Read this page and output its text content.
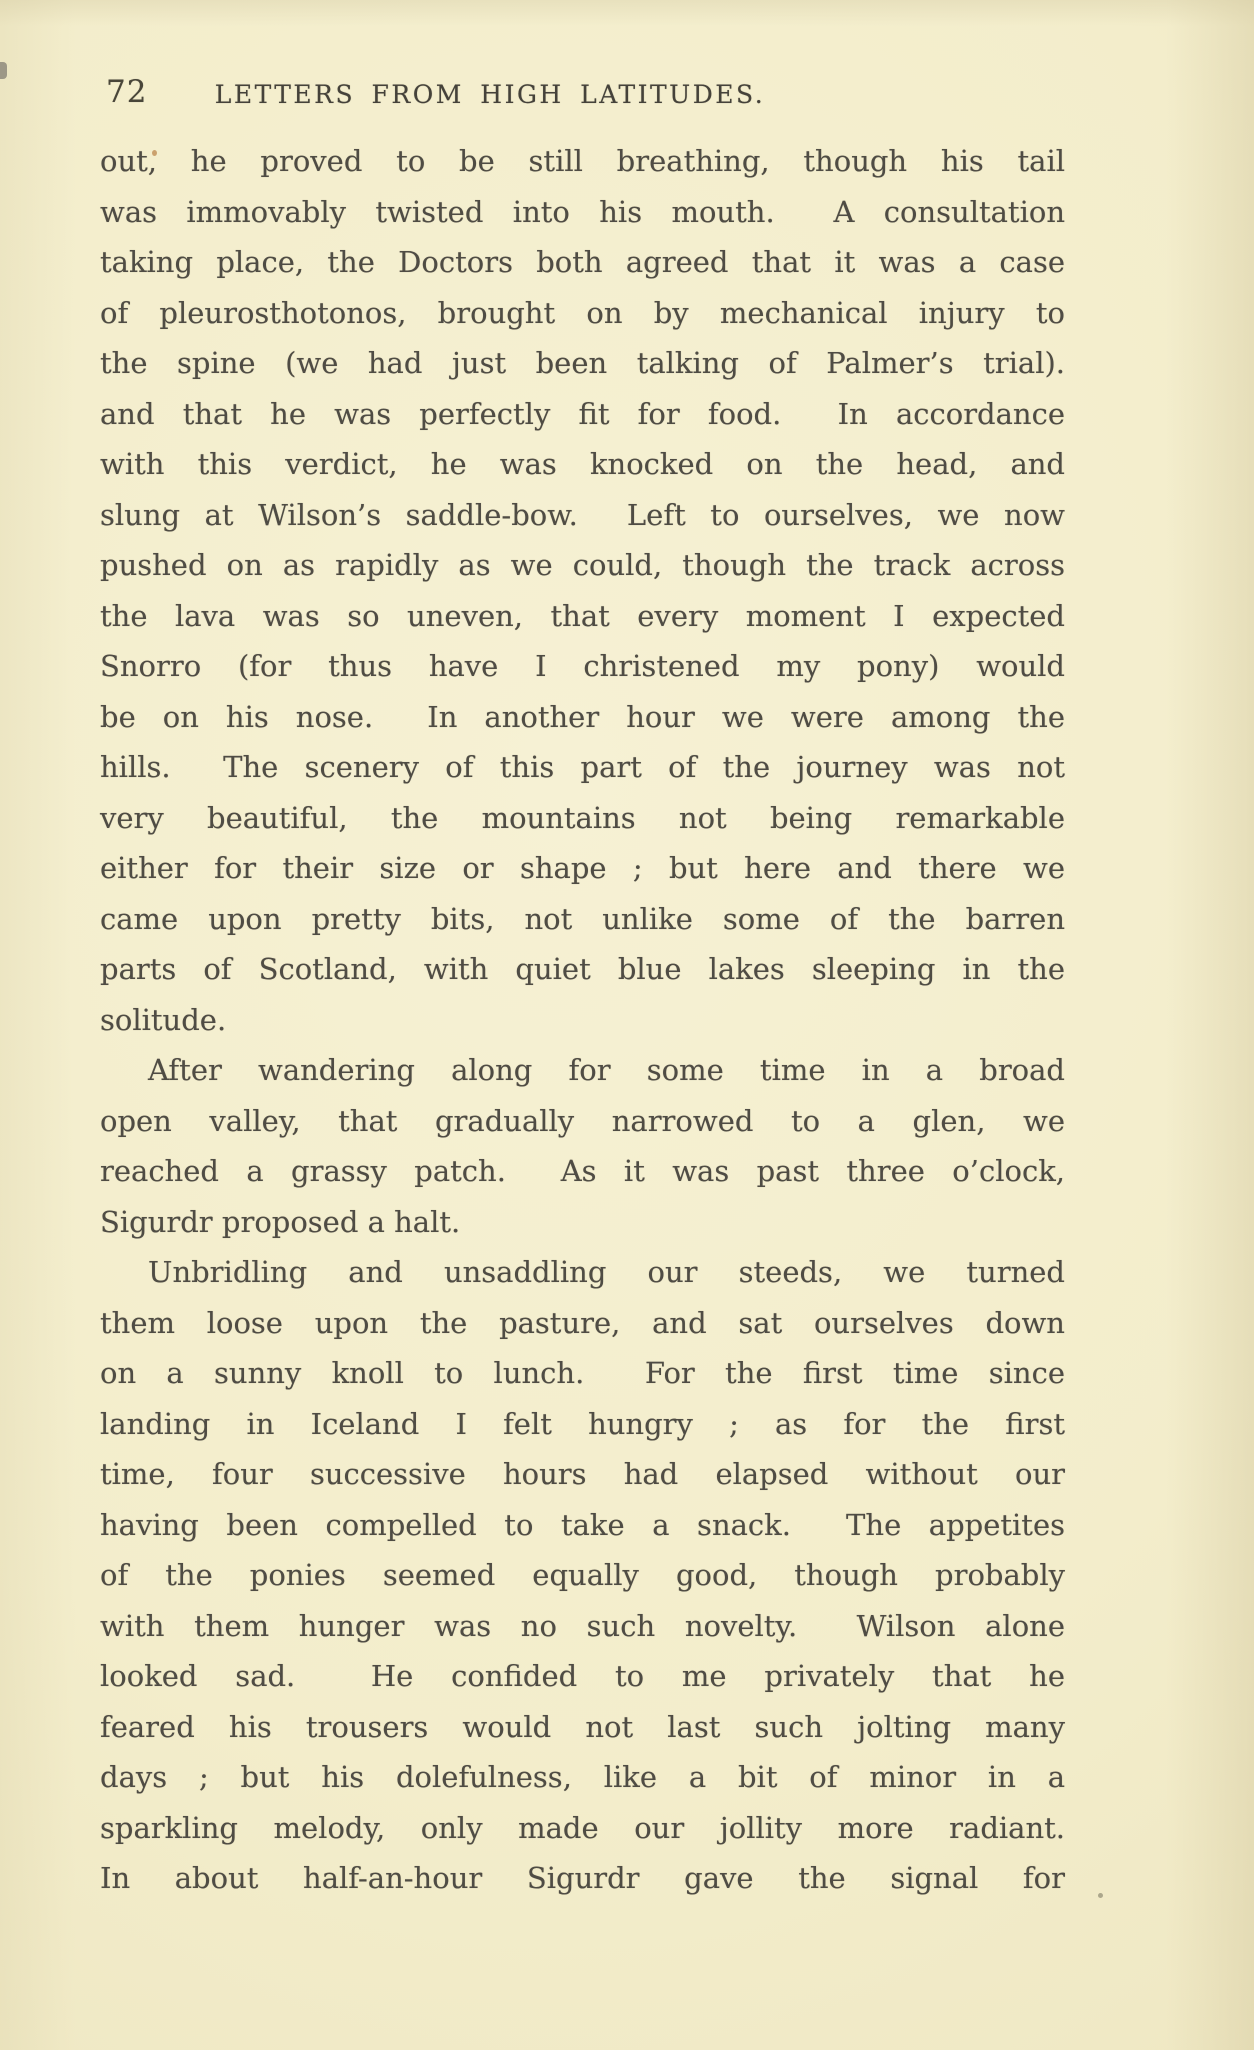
72	LETTERS FROM HIGH LATITUDES.
out, he proved to be still breathing, though his tail
was immovably twisted into his mouth.  A consultation
taking place, the Doctors both agreed that it was a case
of pleurosthotonos, brought on by mechanical injury to
the spine (we had just been talking of Palmer’s trial).
and that he was perfectly fit for food.  In accordance
with this verdict, he was knocked on the head, and
slung at Wilson’s saddle-bow.  Left to ourselves, we now
pushed on as rapidly as we could, though the track across
the lava was so uneven, that every moment I expected
Snorro (for thus have I christened my pony) would
be on his nose.  In another hour we were among the
hills.  The scenery of this part of the journey was not
very beautiful, the mountains not being remarkable
either for their size or shape ; but here and there we
came upon pretty bits, not unlike some of the barren
parts of Scotland, with quiet blue lakes sleeping in the
solitude.
After wandering along for some time in a broad
open valley, that gradually narrowed to a glen, we
reached a grassy patch.  As it was past three o’clock,
Sigurdr proposed a halt.
Unbridling and unsaddling our steeds, we turned
them loose upon the pasture, and sat ourselves down
on a sunny knoll to lunch.  For the first time since
landing in Iceland I felt hungry ; as for the first
time, four successive hours had elapsed without our
having been compelled to take a snack.  The appetites
of the ponies seemed equally good, though probably
with them hunger was no such novelty.  Wilson alone
looked sad.  He confided to me privately that he
feared his trousers would not last such jolting many
days ; but his dolefulness, like a bit of minor in a
sparkling melody, only made our jollity more radiant.
In about half-an-hour Sigurdr gave the signal for
